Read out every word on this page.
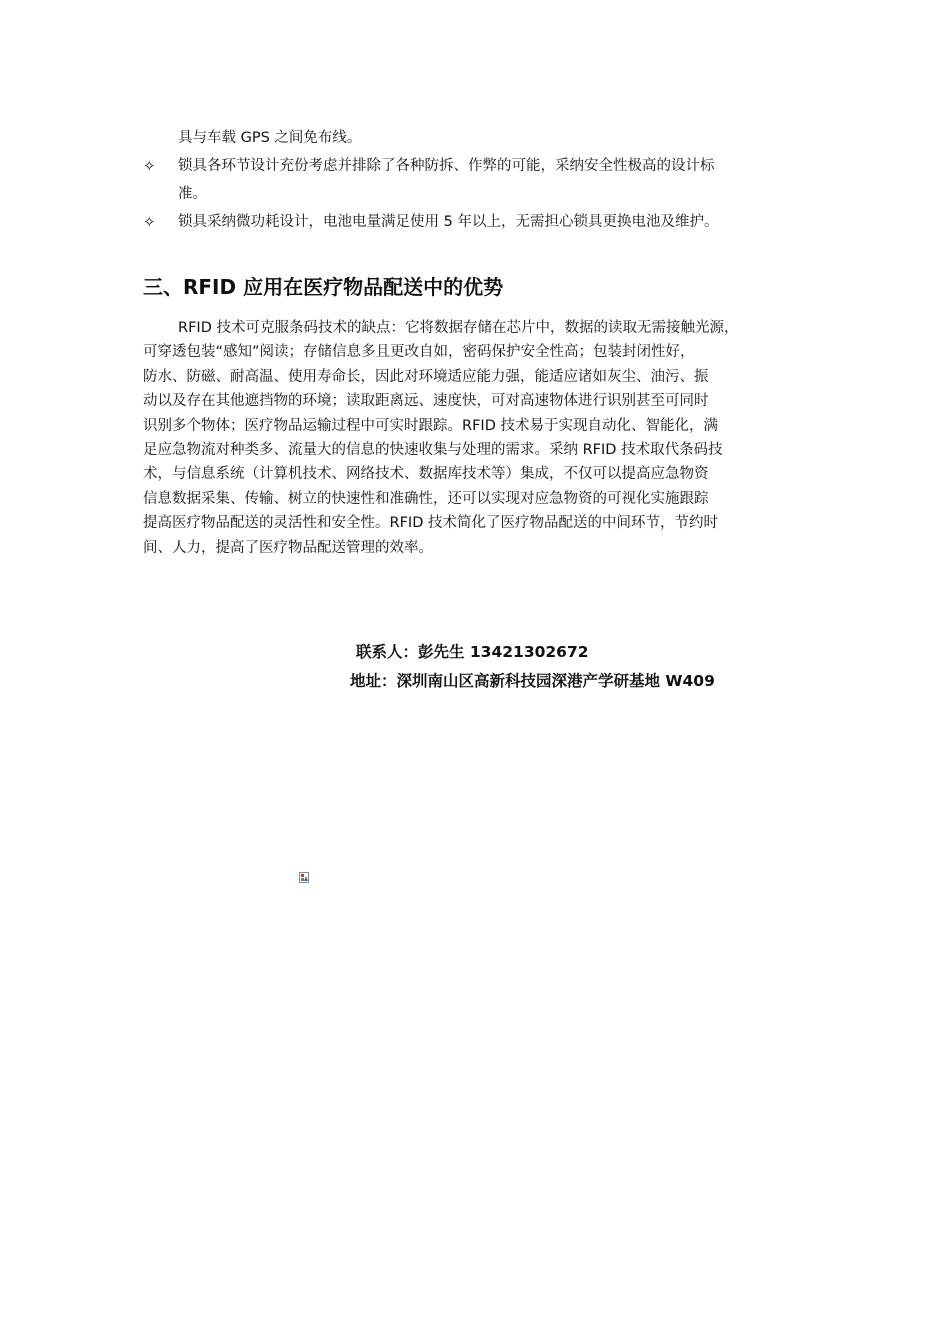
具与车载 GPS 之间免布线。
✧ 锁具各环节设计充份考虑并排除了各种防拆、作弊的可能，采纳安全性极高的设计标
准。
✧ 锁具采纳微功耗设计，电池电量满足使用 5 年以上，无需担心锁具更换电池及维护。
三、RFID 应用在医疗物品配送中的优势
RFID 技术可克服条码技术的缺点：它将数据存储在芯片中，数据的读取无需接触光源，
可穿透包装“感知”阅读；存储信息多且更改自如，密码保护安全性高；包装封闭性好，
防水、防磁、耐高温、使用寿命长，因此对环境适应能力强，能适应诸如灰尘、油污、振
动以及存在其他遮挡物的环境；读取距离远、速度快，可对高速物体进行识别甚至可同时
识别多个物体；医疗物品运输过程中可实时跟踪。RFID 技术易于实现自动化、智能化，满
足应急物流对种类多、流量大的信息的快速收集与处理的需求。采纳 RFID 技术取代条码技
术，与信息系统（计算机技术、网络技术、数据库技术等）集成，不仅可以提高应急物资
信息数据采集、传输、树立的快速性和准确性，还可以实现对应急物资的可视化实施跟踪
提高医疗物品配送的灵活性和安全性。RFID 技术简化了医疗物品配送的中间环节，节约时
间、人力，提高了医疗物品配送管理的效率。
联系人：彭先生 13421302672
地址：深圳南山区高新科技园深港产学研基地 W409
